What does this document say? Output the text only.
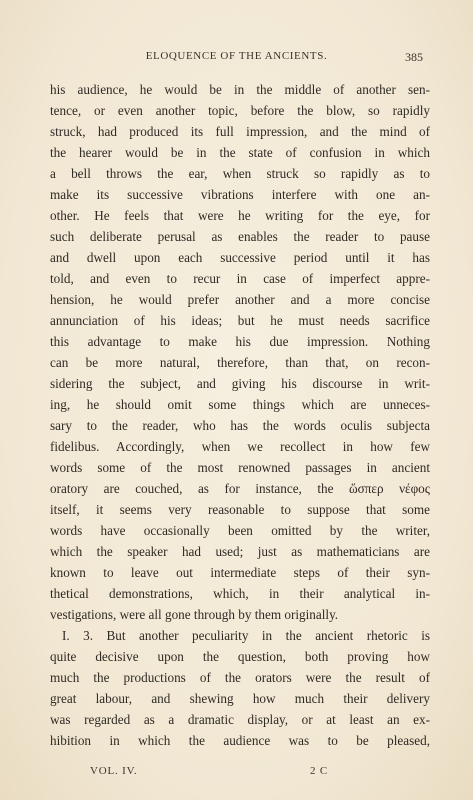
ELOQUENCE OF THE ANCIENTS.	385
his audience, he would be in the middle of another sen-
tence, or even another topic, before the blow, so rapidly
struck, had produced its full impression, and the mind of
the hearer would be in the state of confusion in which
a bell throws the ear, when struck so rapidly as to
make its successive vibrations interfere with one an-
other. He feels that were he writing for the eye, for
such deliberate perusal as enables the reader to pause
and dwell upon each successive period until it has
told, and even to recur in case of imperfect appre-
hension, he would prefer another and a more concise
annunciation of his ideas; but he must needs sacrifice
this advantage to make his due impression. Nothing
can be more natural, therefore, than that, on recon-
sidering the subject, and giving his discourse in writ-
ing, he should omit some things which are unneces-
sary to the reader, who has the words oculis subjecta
fidelibus. Accordingly, when we recollect in how few
words some of the most renowned passages in ancient
oratory are couched, as for instance, the ὥσπερ νέφος
itself, it seems very reasonable to suppose that some
words have occasionally been omitted by the writer,
which the speaker had used; just as mathematicians are
known to leave out intermediate steps of their syn-
thetical demonstrations, which, in their analytical in-
vestigations, were all gone through by them originally.
I. 3. But another peculiarity in the ancient rhetoric is
quite decisive upon the question, both proving how
much the productions of the orators were the result of
great labour, and shewing how much their delivery
was regarded as a dramatic display, or at least an ex-
hibition in which the audience was to be pleased,
VOL. IV.	2 C
